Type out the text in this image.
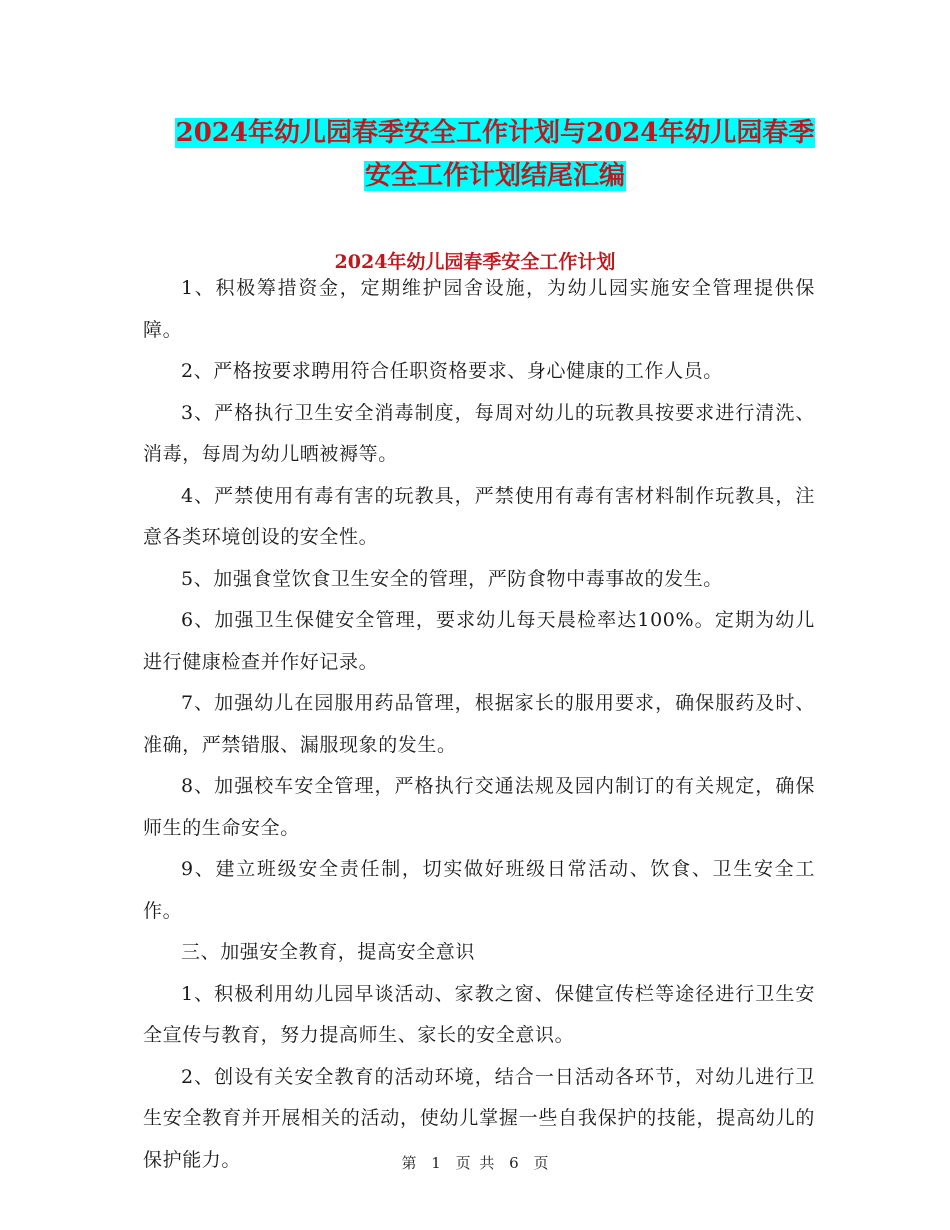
2024年幼儿园春季安全工作计划与2024年幼儿园春季
安全工作计划结尾汇编
2024年幼儿园春季安全工作计划

1、积极筹措资金，定期维护园舍设施，为幼儿园实施安全管理提供保障。

2、严格按要求聘用符合任职资格要求、身心健康的工作人员。

3、严格执行卫生安全消毒制度，每周对幼儿的玩教具按要求进行清洗、消毒，每周为幼儿晒被褥等。

4、严禁使用有毒有害的玩教具，严禁使用有毒有害材料制作玩教具，注意各类环境创设的安全性。

5、加强食堂饮食卫生安全的管理，严防食物中毒事故的发生。

6、加强卫生保健安全管理，要求幼儿每天晨检率达100%。定期为幼儿进行健康检查并作好记录。

7、加强幼儿在园服用药品管理，根据家长的服用要求，确保服药及时、准确，严禁错服、漏服现象的发生。

8、加强校车安全管理，严格执行交通法规及园内制订的有关规定，确保师生的生命安全。

9、建立班级安全责任制，切实做好班级日常活动、饮食、卫生安全工作。

三、加强安全教育，提高安全意识

1、积极利用幼儿园早谈活动、家教之窗、保健宣传栏等途径进行卫生安全宣传与教育，努力提高师生、家长的安全意识。

2、创设有关安全教育的活动环境，结合一日活动各环节，对幼儿进行卫生安全教育并开展相关的活动，使幼儿掌握一些自我保护的技能，提高幼儿的保护能力。	第 1 页 共 6 页
